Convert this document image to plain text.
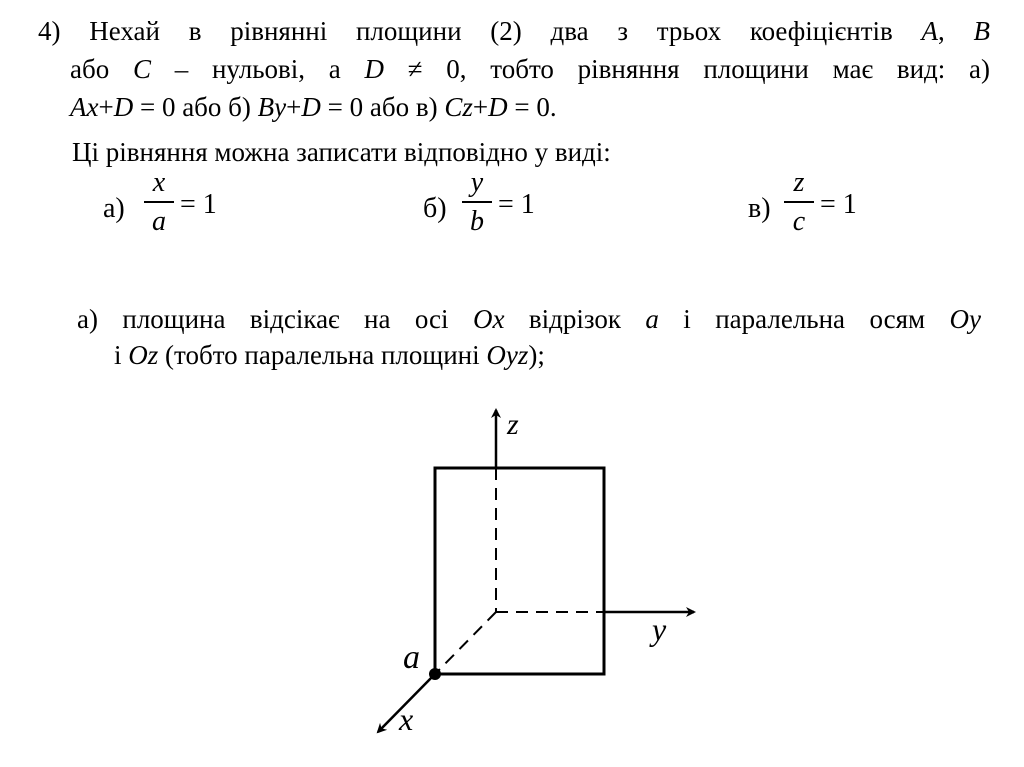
4) Нехай в рівнянні площини (2) два з трьох коефіцієнтів A, B
або C – нульові, а D ≠ 0, тобто рівняння площини має вид: а)
Ax+D = 0 або б) By+D = 0 або в) Cz+D = 0.
Ці рівняння можна записати відповідно у виді:
а)
x
a
= 1	б)
y
b
= 1	в)
z
c
= 1
а) площина відсікає на осі Ox відрізок a і паралельна осям Oy
і Oz (тобто паралельна площині Oyz);
z
y
x
a
